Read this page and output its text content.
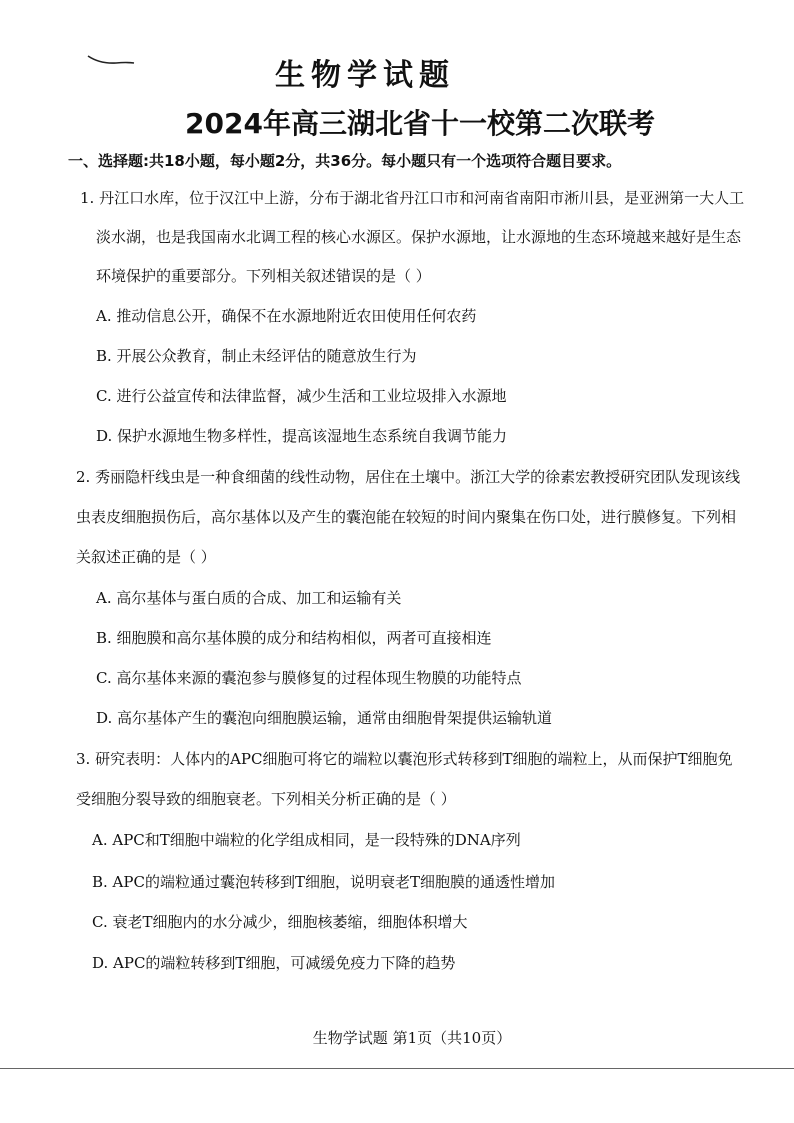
生物学试题
2024年高三湖北省十一校第二次联考

一、选择题:共18小题，每小题2分，共36分。每小题只有一个选项符合题目要求。

1. 丹江口水库，位于汉江中上游，分布于湖北省丹江口市和河南省南阳市淅川县，是亚洲第一大人工

淡水湖，也是我国南水北调工程的核心水源区。保护水源地，让水源地的生态环境越来越好是生态

环境保护的重要部分。下列相关叙述错误的是（ ）

A. 推动信息公开，确保不在水源地附近农田使用任何农药

B. 开展公众教育，制止未经评估的随意放生行为

C. 进行公益宣传和法律监督，减少生活和工业垃圾排入水源地

D. 保护水源地生物多样性，提高该湿地生态系统自我调节能力

2. 秀丽隐杆线虫是一种食细菌的线性动物，居住在土壤中。浙江大学的徐素宏教授研究团队发现该线

虫表皮细胞损伤后，高尔基体以及产生的囊泡能在较短的时间内聚集在伤口处，进行膜修复。下列相

关叙述正确的是（ ）

A. 高尔基体与蛋白质的合成、加工和运输有关

B. 细胞膜和高尔基体膜的成分和结构相似，两者可直接相连

C. 高尔基体来源的囊泡参与膜修复的过程体现生物膜的功能特点

D. 高尔基体产生的囊泡向细胞膜运输，通常由细胞骨架提供运输轨道

3. 研究表明：人体内的APC细胞可将它的端粒以囊泡形式转移到T细胞的端粒上，从而保护T细胞免

受细胞分裂导致的细胞衰老。下列相关分析正确的是（ ）

A. APC和T细胞中端粒的化学组成相同，是一段特殊的DNA序列

B. APC的端粒通过囊泡转移到T细胞，说明衰老T细胞膜的通透性增加

C. 衰老T细胞内的水分减少，细胞核萎缩，细胞体积增大

D. APC的端粒转移到T细胞，可减缓免疫力下降的趋势

生物学试题 第1页（共10页）
